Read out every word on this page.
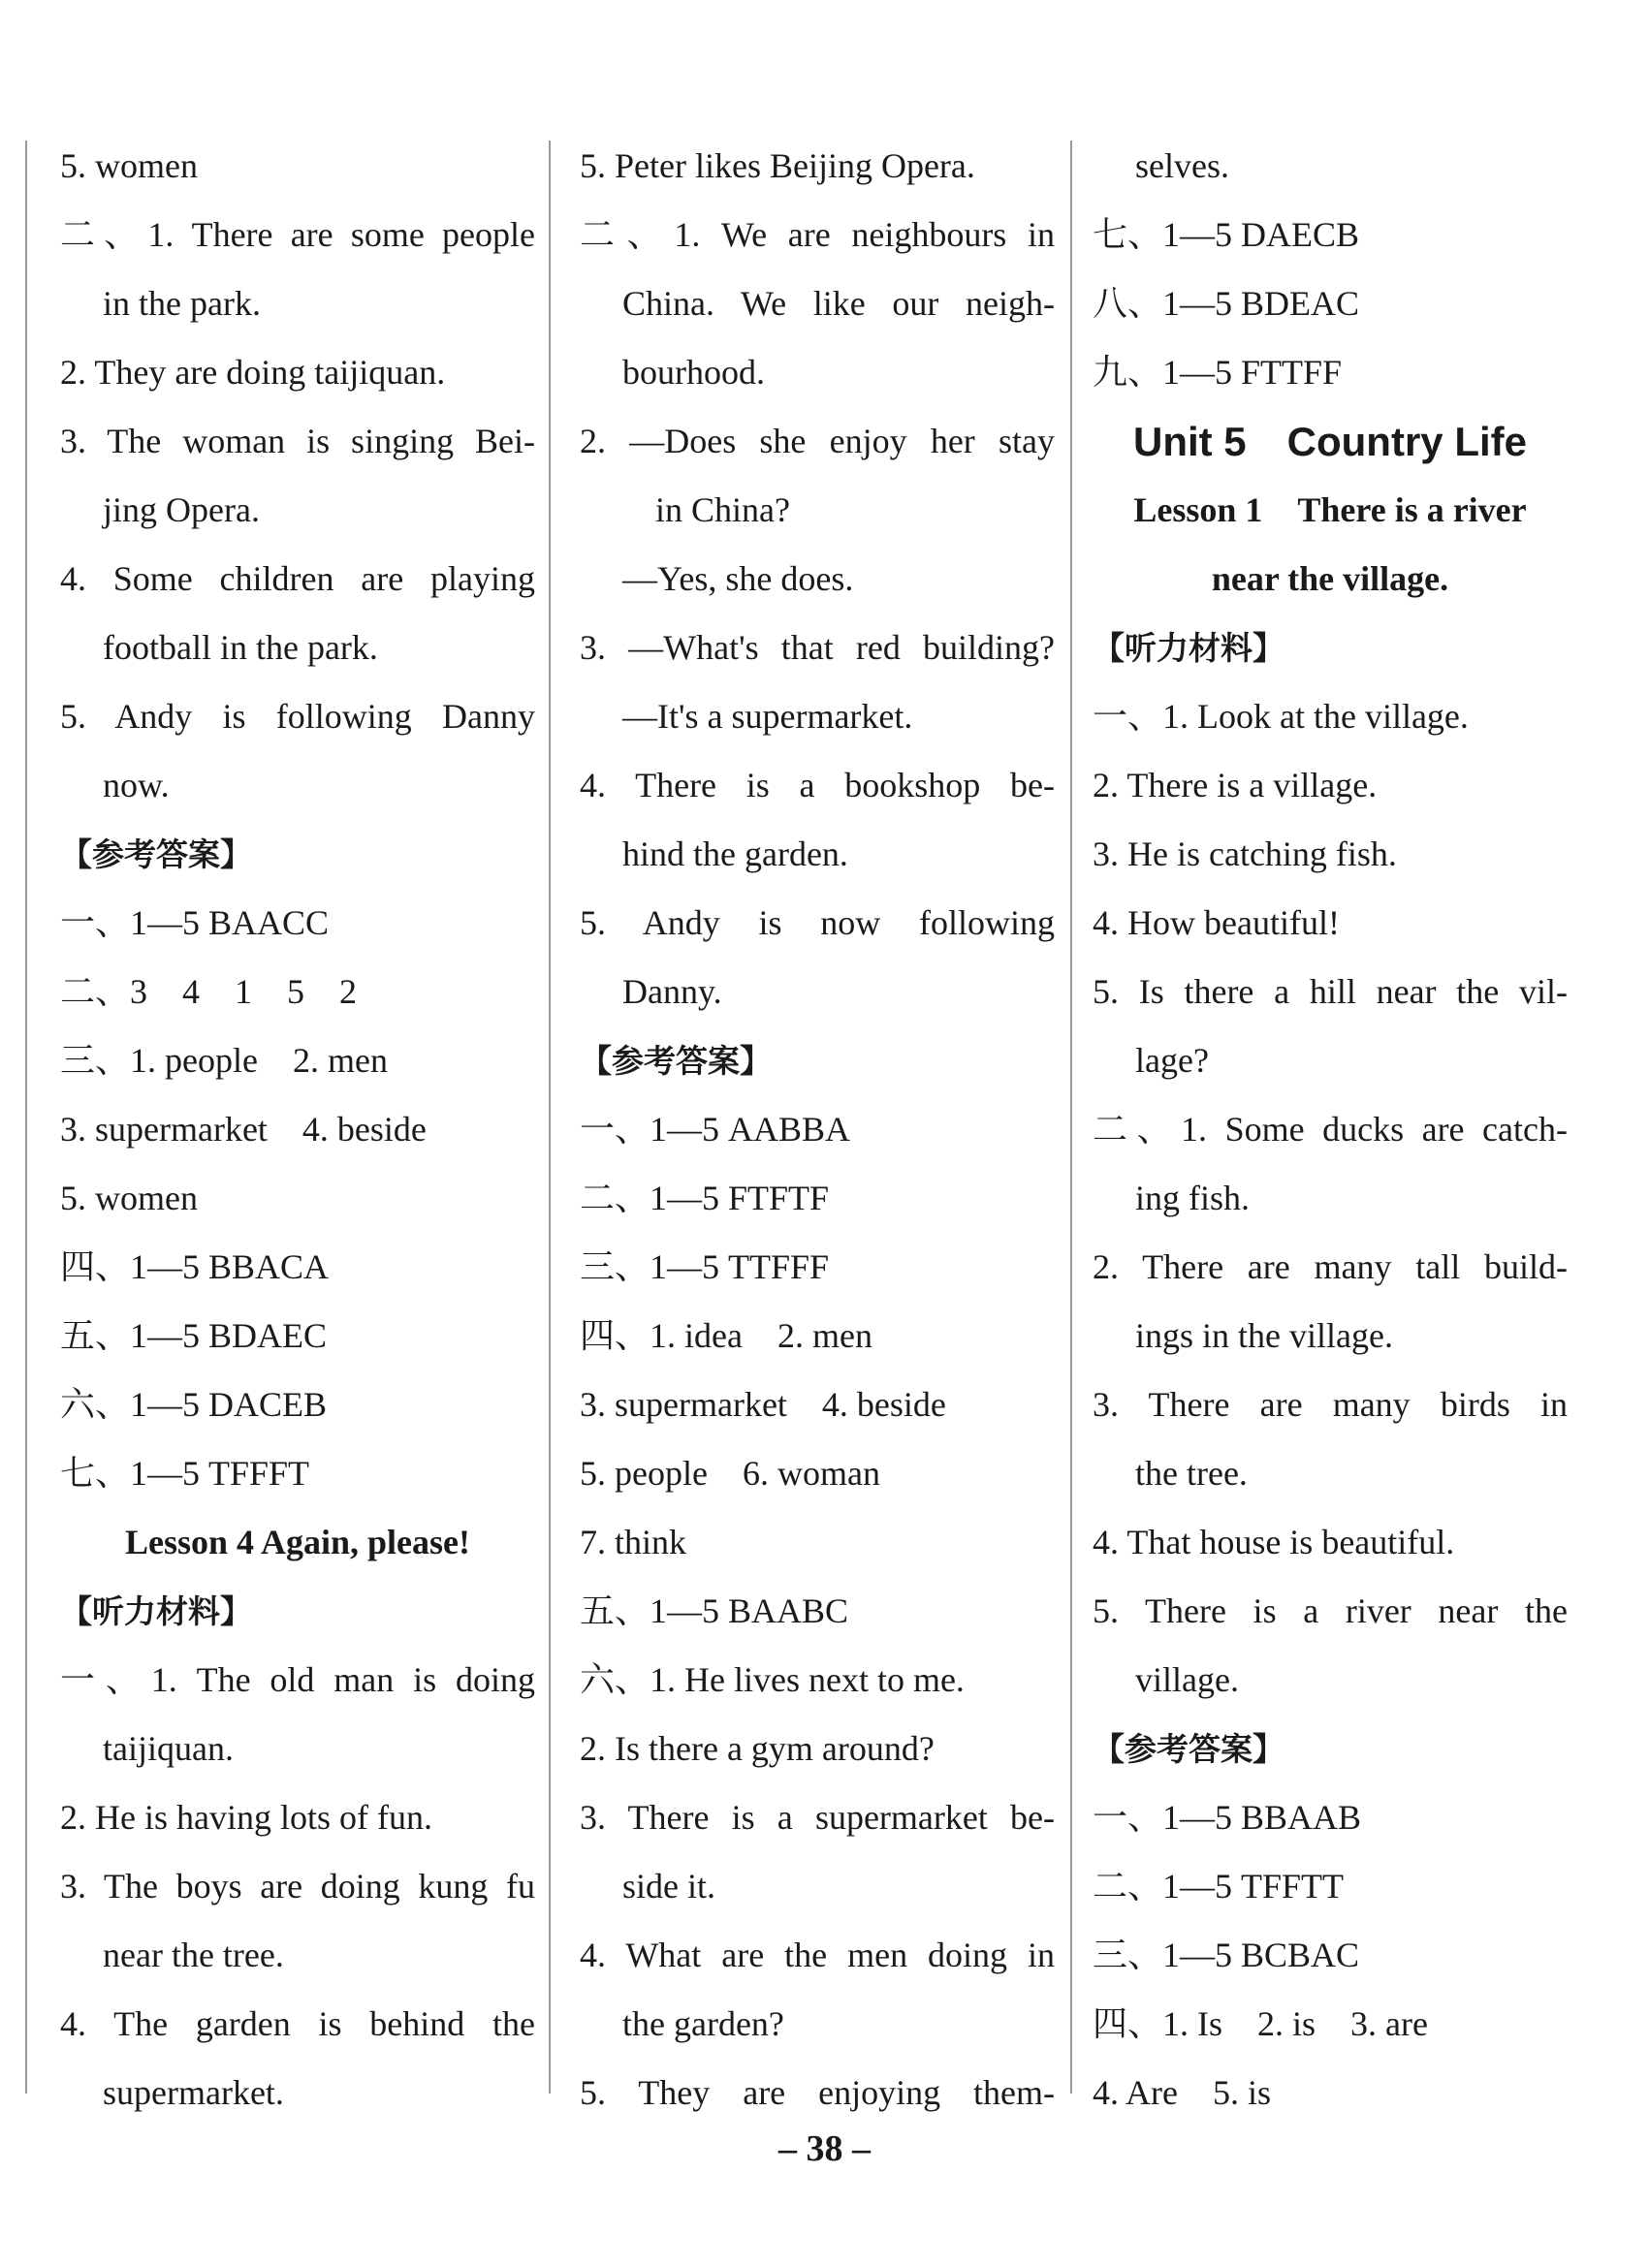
5. women
二、1. There are some people
in the park.
2. They are doing taijiquan.
3. The woman is singing Bei-
jing Opera.
4. Some children are playing
football in the park.
5. Andy is following Danny
now.
【参考答案】
一、1—5 BAACC
二、3　4　1　5　2
三、1. people　2. men
3. supermarket　4. beside
5. women
四、1—5 BBACA
五、1—5 BDAEC
六、1—5 DACEB
七、1—5 TFFFT
Lesson 4 Again, please!
【听力材料】
一、1. The old man is doing
taijiquan.
2. He is having lots of fun.
3. The boys are doing kung fu
near the tree.
4. The garden is behind the
supermarket.
5. Peter likes Beijing Opera.
二、1. We are neighbours in
China. We like our neigh-
bourhood.
2. —Does she enjoy her stay
in China?
—Yes, she does.
3. —What's that red building?
—It's a supermarket.
4. There is a bookshop be-
hind the garden.
5. Andy is now following
Danny.
【参考答案】
一、1—5 AABBA
二、1—5 FTFTF
三、1—5 TTFFF
四、1. idea　2. men
3. supermarket　4. beside
5. people　6. woman
7. think
五、1—5 BAABC
六、1. He lives next to me.
2. Is there a gym around?
3. There is a supermarket be-
side it.
4. What are the men doing in
the garden?
5. They are enjoying them-
selves.
七、1—5 DAECB
八、1—5 BDEAC
九、1—5 FTTFF
Unit 5　Country Life
Lesson 1　There is a river
near the village.
【听力材料】
一、1. Look at the village.
2. There is a village.
3. He is catching fish.
4. How beautiful!
5. Is there a hill near the vil-
lage?
二、1. Some ducks are catch-
ing fish.
2. There are many tall build-
ings in the village.
3. There are many birds in
the tree.
4. That house is beautiful.
5. There is a river near the
village.
【参考答案】
一、1—5 BBAAB
二、1—5 TFFTT
三、1—5 BCBAC
四、1. Is　2. is　3. are
4. Are　5. is
– 38 –
